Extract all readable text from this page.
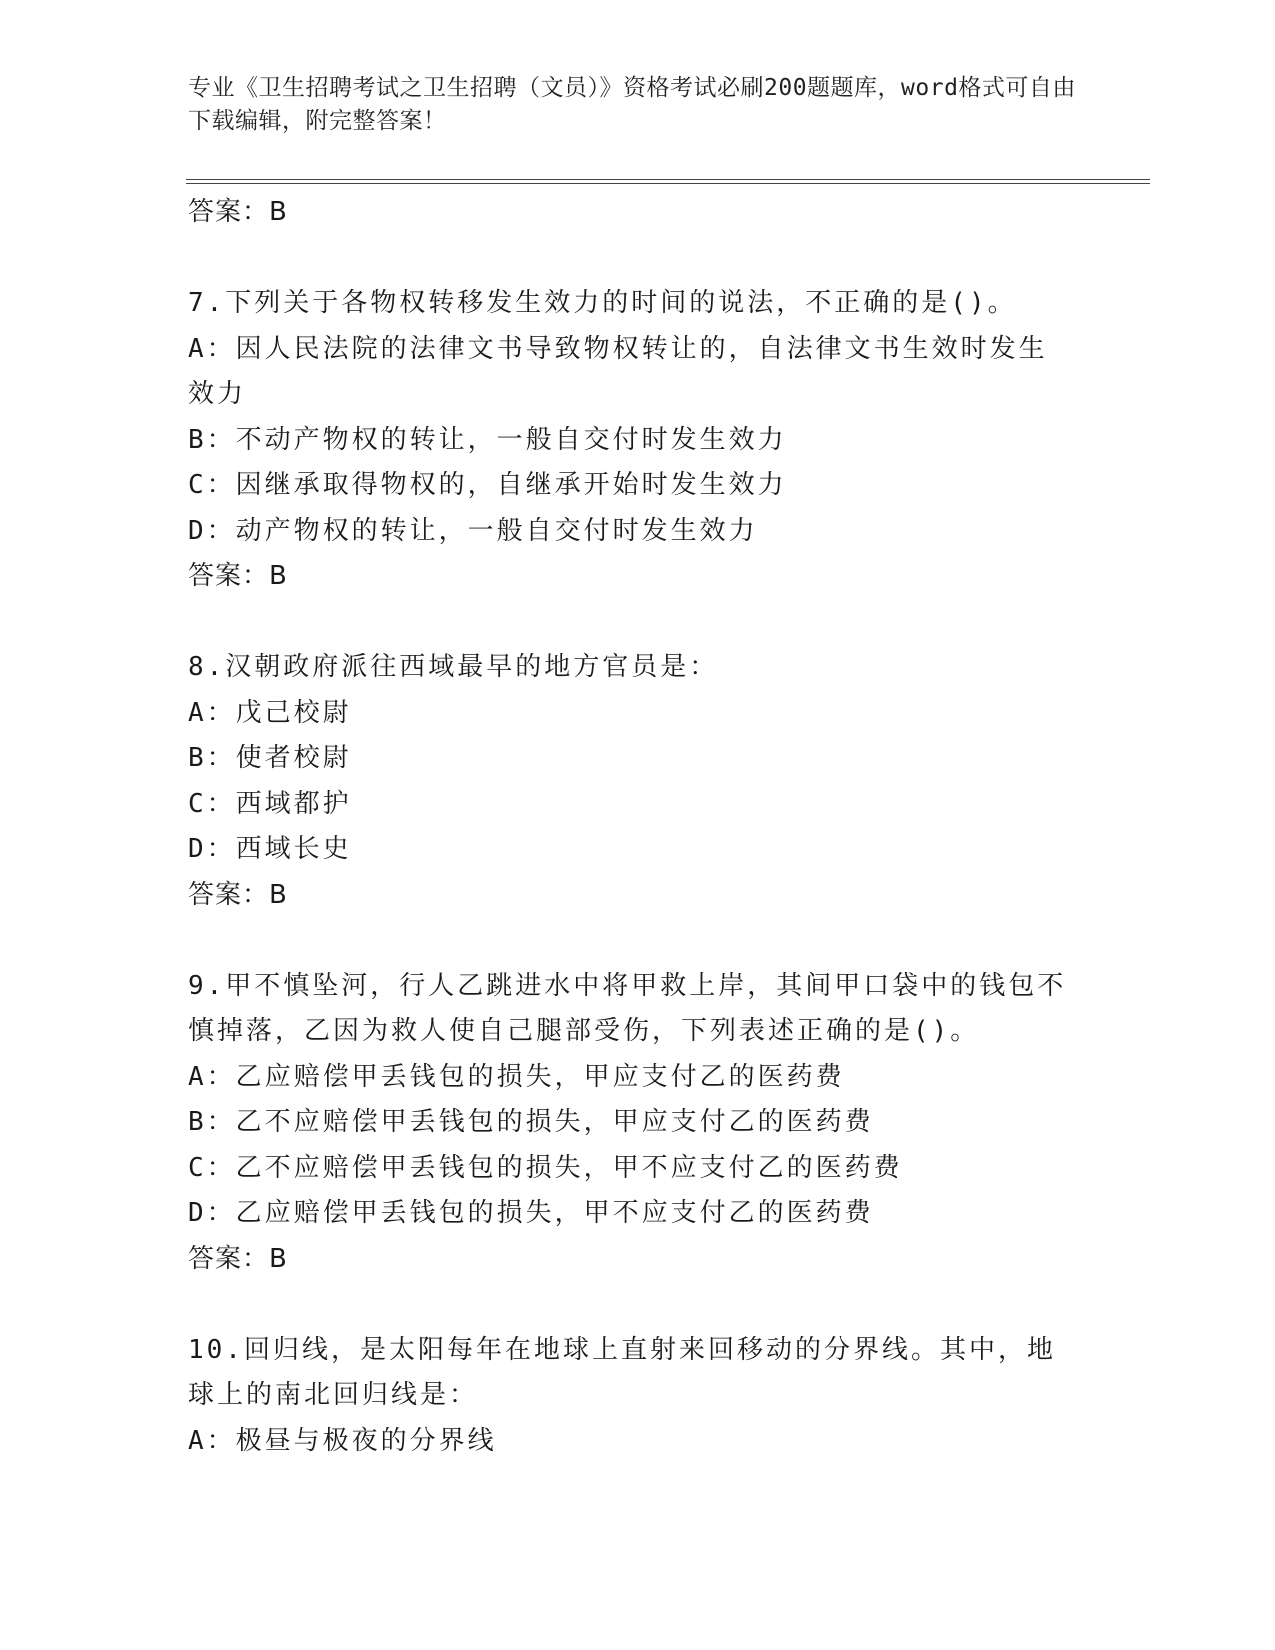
专业《卫生招聘考试之卫生招聘（文员）》资格考试必刷200题题库，word格式可自由下载编辑，附完整答案！
答案：B
7.下列关于各物权转移发生效力的时间的说法，不正确的是()。
A：因人民法院的法律文书导致物权转让的，自法律文书生效时发生效力
B：不动产物权的转让，一般自交付时发生效力
C：因继承取得物权的，自继承开始时发生效力
D：动产物权的转让，一般自交付时发生效力
答案：B
8.汉朝政府派往西域最早的地方官员是：
A：戊己校尉
B：使者校尉
C：西域都护
D：西域长史
答案：B
9.甲不慎坠河，行人乙跳进水中将甲救上岸，其间甲口袋中的钱包不慎掉落，乙因为救人使自己腿部受伤，下列表述正确的是()。
A：乙应赔偿甲丢钱包的损失，甲应支付乙的医药费
B：乙不应赔偿甲丢钱包的损失，甲应支付乙的医药费
C：乙不应赔偿甲丢钱包的损失，甲不应支付乙的医药费
D：乙应赔偿甲丢钱包的损失，甲不应支付乙的医药费
答案：B
10.回归线，是太阳每年在地球上直射来回移动的分界线。其中，地球上的南北回归线是：
A：极昼与极夜的分界线
